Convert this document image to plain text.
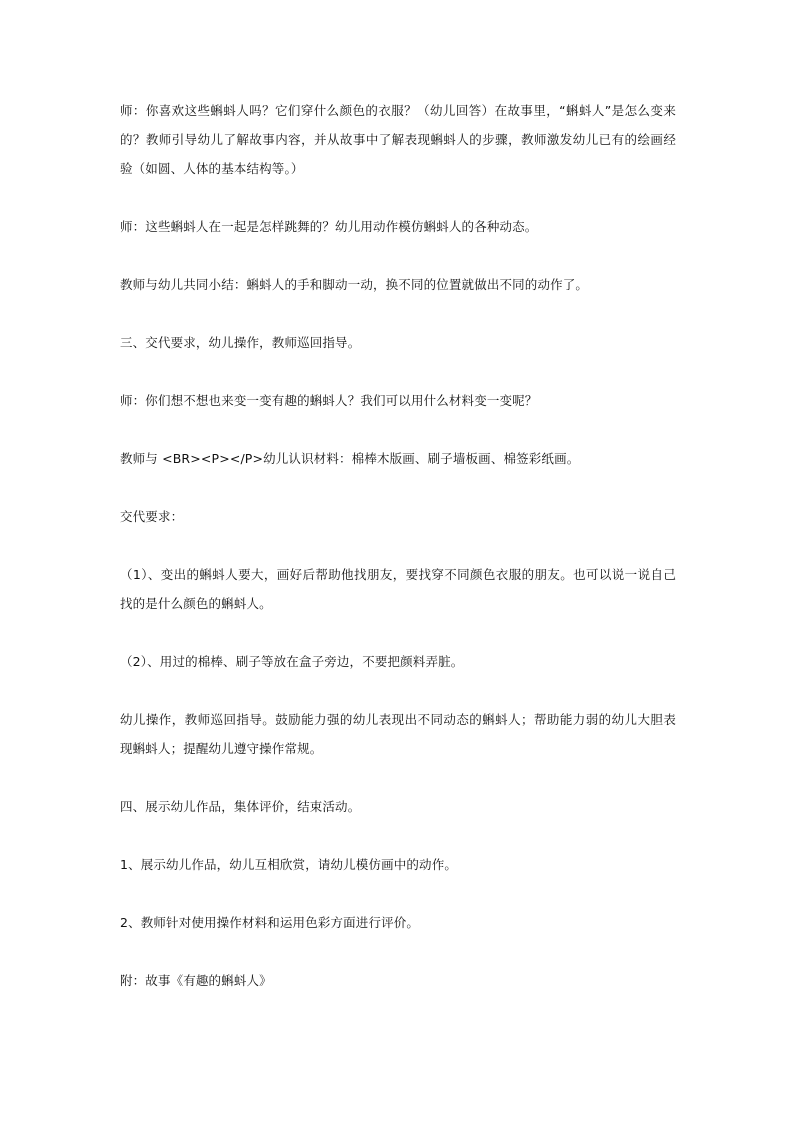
师：你喜欢这些蝌蚪人吗？它们穿什么颜色的衣服？（幼儿回答）在故事里，“蝌蚪人”是怎么变来的？教师引导幼儿了解故事内容，并从故事中了解表现蝌蚪人的步骤，教师激发幼儿已有的绘画经验（如圆、人体的基本结构等。）

师：这些蝌蚪人在一起是怎样跳舞的？幼儿用动作模仿蝌蚪人的各种动态。

教师与幼儿共同小结：蝌蚪人的手和脚动一动，换不同的位置就做出不同的动作了。

三、交代要求，幼儿操作，教师巡回指导。

师：你们想不想也来变一变有趣的蝌蚪人？我们可以用什么材料变一变呢？

教师与 <BR><P></P>幼儿认识材料：棉棒木版画、刷子墙板画、棉签彩纸画。

交代要求：

（1）、变出的蝌蚪人要大，画好后帮助他找朋友，要找穿不同颜色衣服的朋友。也可以说一说自己找的是什么颜色的蝌蚪人。

（2）、用过的棉棒、刷子等放在盒子旁边，不要把颜料弄脏。

幼儿操作，教师巡回指导。鼓励能力强的幼儿表现出不同动态的蝌蚪人；帮助能力弱的幼儿大胆表现蝌蚪人；提醒幼儿遵守操作常规。

四、展示幼儿作品，集体评价，结束活动。

1、展示幼儿作品，幼儿互相欣赏，请幼儿模仿画中的动作。

2、教师针对使用操作材料和运用色彩方面进行评价。

附：故事《有趣的蝌蚪人》
